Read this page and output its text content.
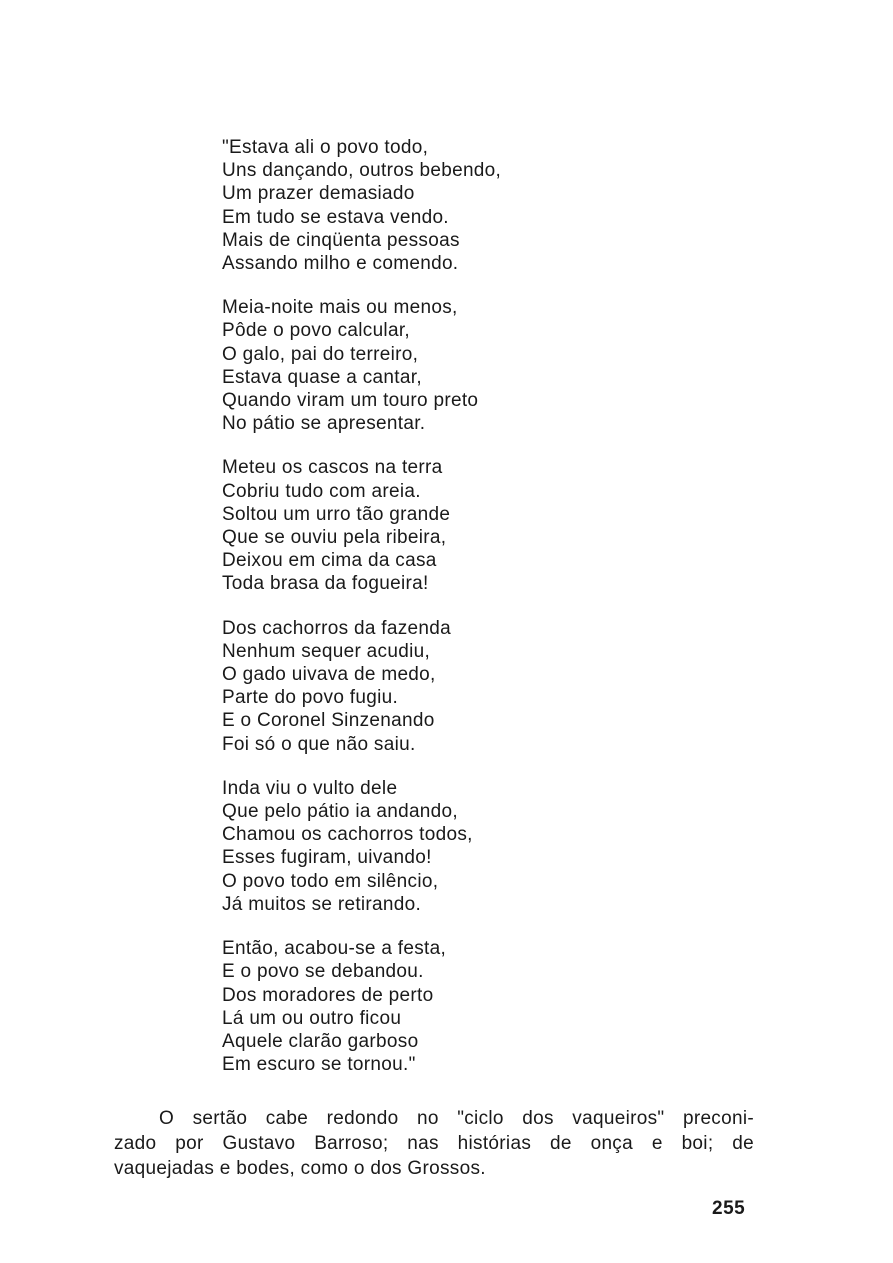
"Estava ali o povo todo,
Uns dançando, outros bebendo,
Um prazer demasiado
Em tudo se estava vendo.
Mais de cinqüenta pessoas
Assando milho e comendo.
Meia-noite mais ou menos,
Pôde o povo calcular,
O galo, pai do terreiro,
Estava quase a cantar,
Quando viram um touro preto
No pátio se apresentar.
Meteu os cascos na terra
Cobriu tudo com areia.
Soltou um urro tão grande
Que se ouviu pela ribeira,
Deixou em cima da casa
Toda brasa da fogueira!
Dos cachorros da fazenda
Nenhum sequer acudiu,
O gado uivava de medo,
Parte do povo fugiu.
E o Coronel Sinzenando
Foi só o que não saiu.
Inda viu o vulto dele
Que pelo pátio ia andando,
Chamou os cachorros todos,
Esses fugiram, uivando!
O povo todo em silêncio,
Já muitos se retirando.
Então, acabou-se a festa,
E o povo se debandou.
Dos moradores de perto
Lá um ou outro ficou
Aquele clarão garboso
Em escuro se tornou."
O sertão cabe redondo no "ciclo dos vaqueiros" preconi-
zado por Gustavo Barroso; nas histórias de onça e boi; de
vaquejadas e bodes, como o dos Grossos.
255
